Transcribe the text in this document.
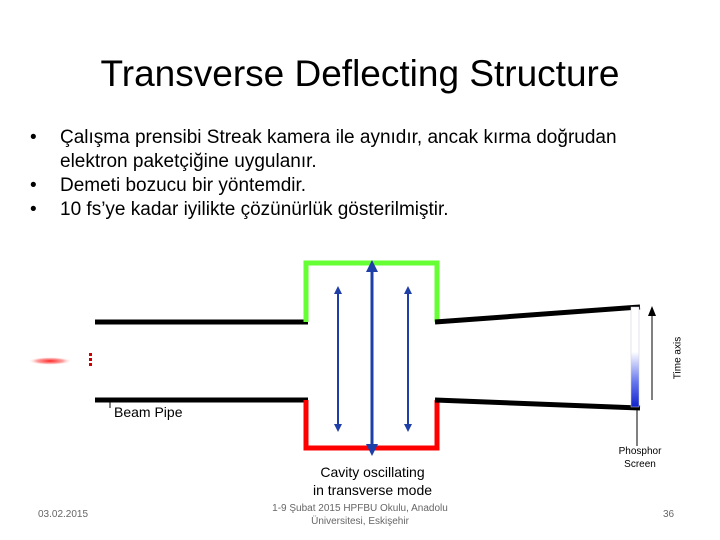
Transverse Deflecting Structure
• Çalışma prensibi Streak kamera ile aynıdır, ancak kırma doğrudan elektron paketçiğine uygulanır.
• Demeti bozucu bir yöntemdir.
• 10 fs’ye kadar iyilikte çözünürlük gösterilmiştir.
Time axis
Beam Pipe
Cavity oscillating
in transverse mode
Phosphor
Screen
03.02.2015
1-9 Şubat 2015 HPFBU Okulu, Anadolu
Üniversitesi, Eskişehir
36
